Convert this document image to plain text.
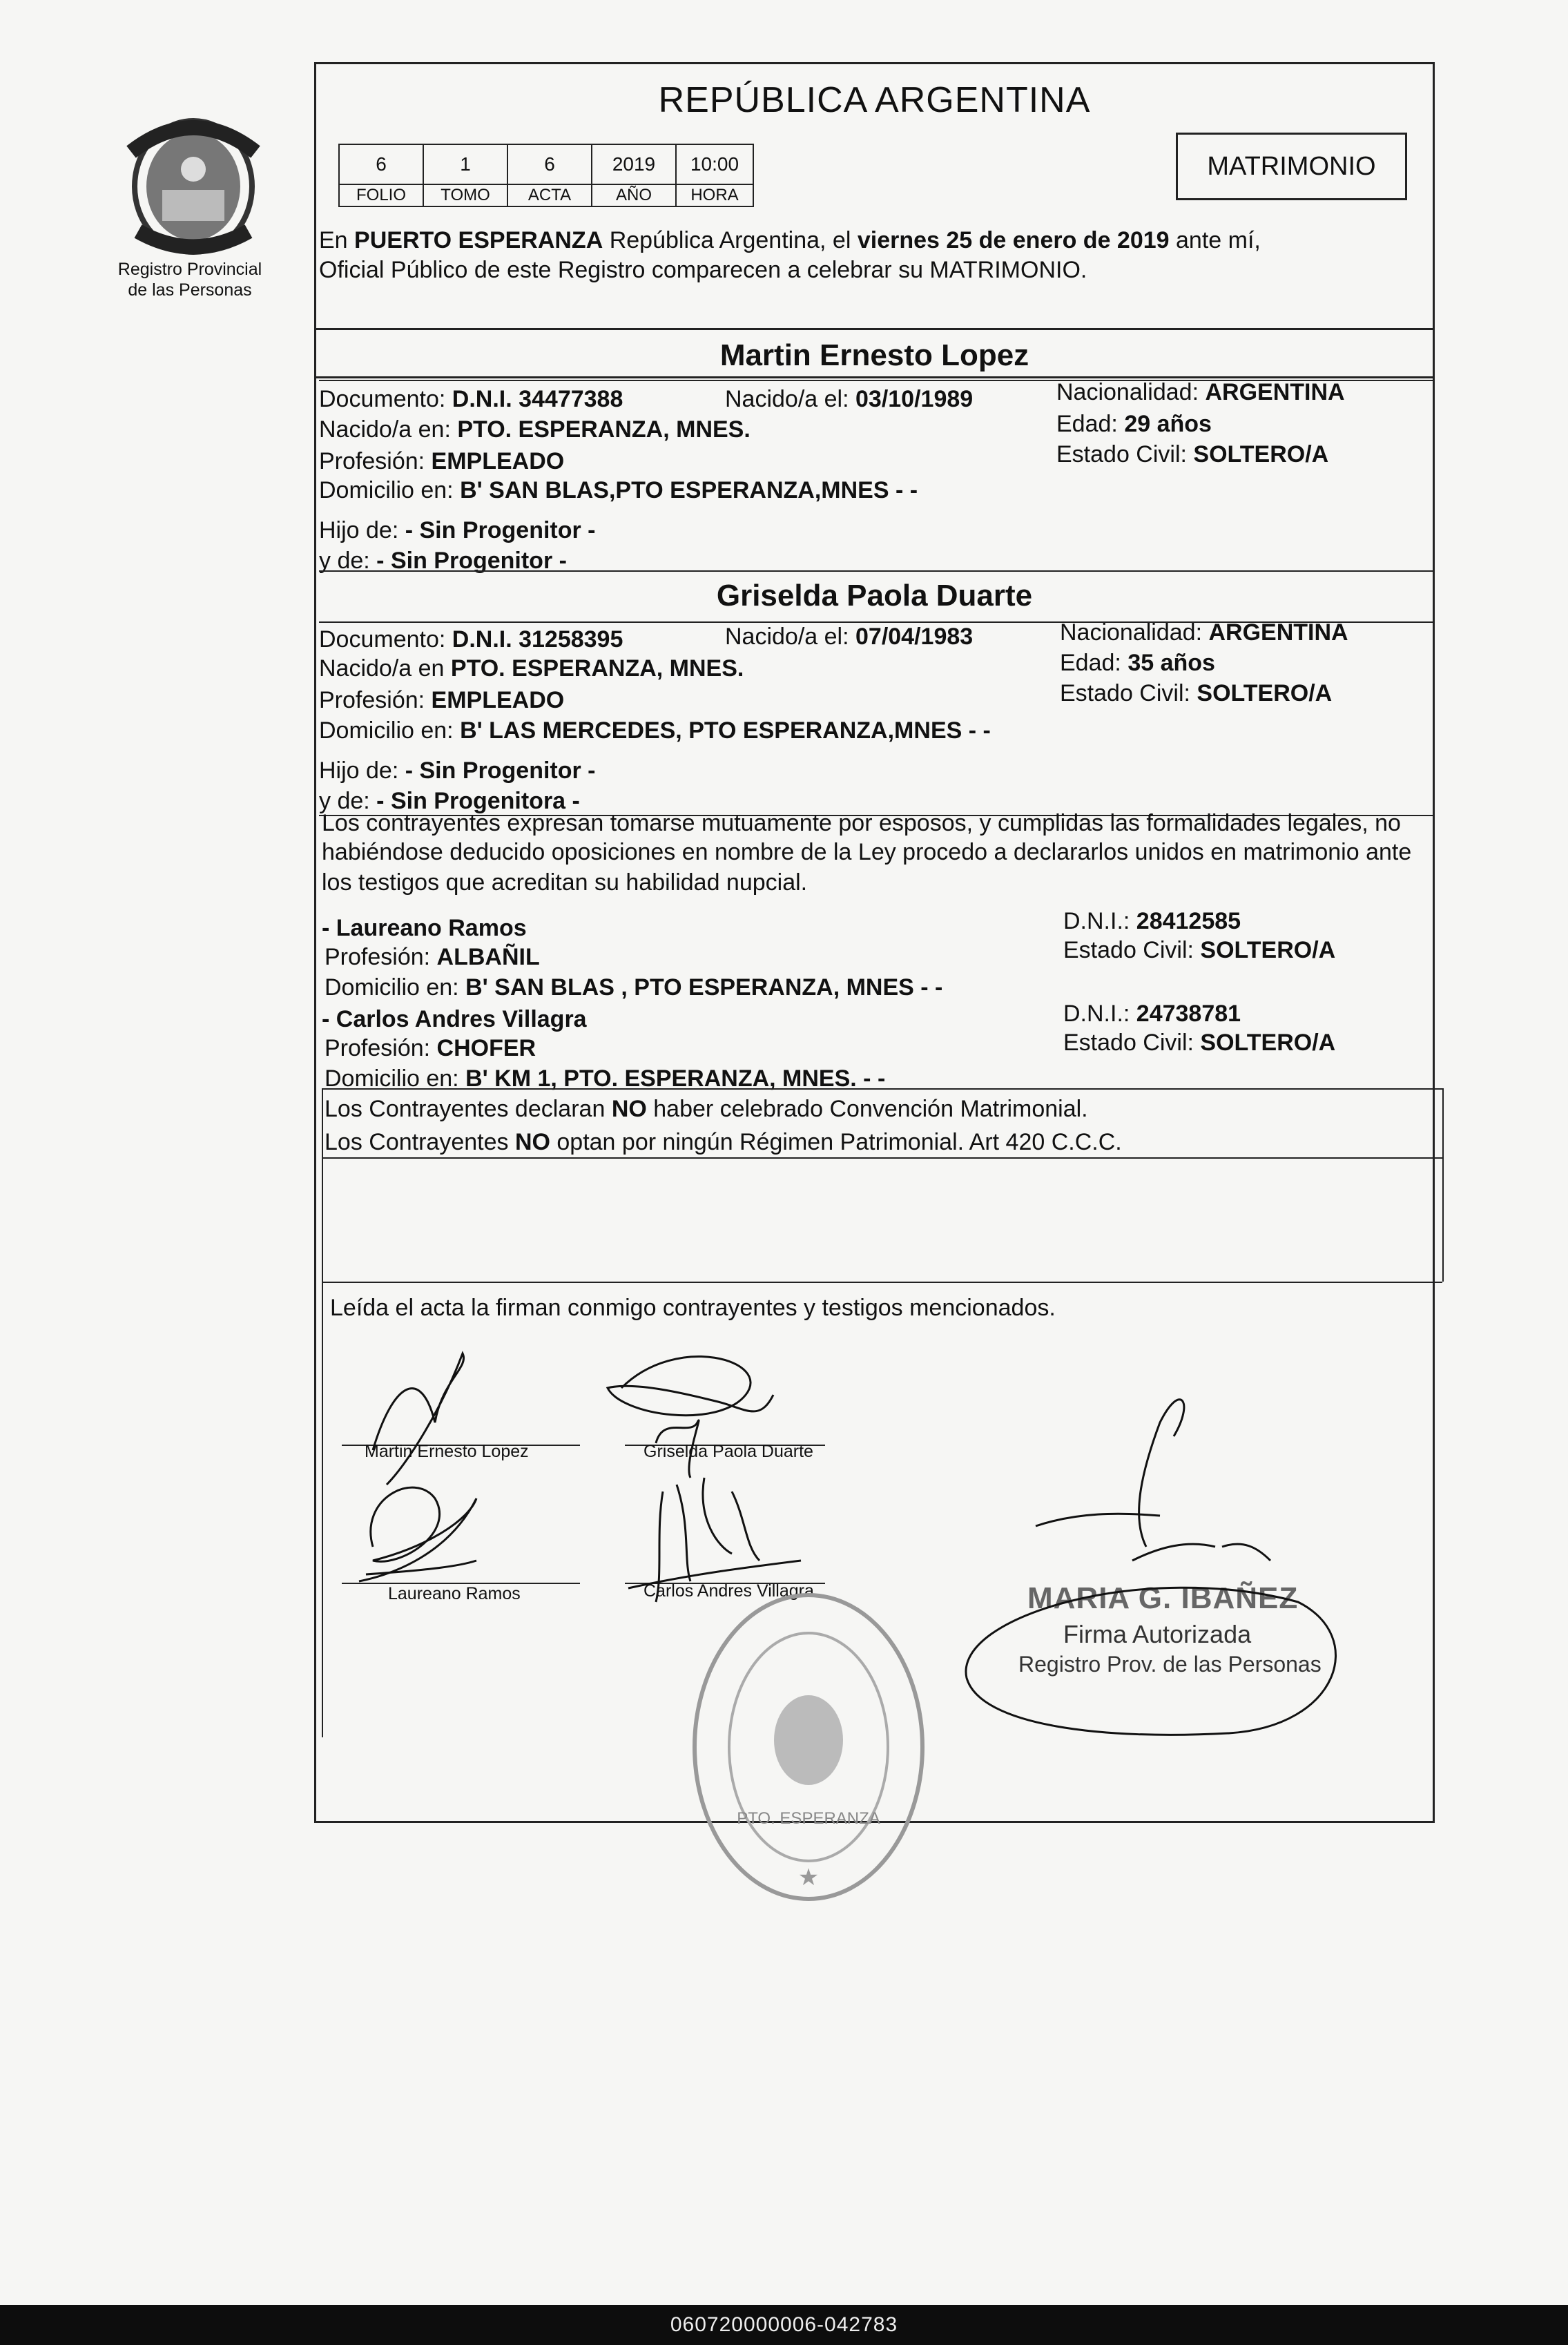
Registro Provincial
de las Personas
REPÚBLICA ARGENTINA
6	1	6	2019	10:00
FOLIO	TOMO	ACTA	AÑO	HORA
MATRIMONIO
En PUERTO ESPERANZA República Argentina, el viernes 25 de enero de 2019 ante mí,
Oficial Público de este Registro comparecen a celebrar su MATRIMONIO.
Martin Ernesto Lopez
Documento: D.N.I. 34477388	Nacido/a el: 03/10/1989	Nacionalidad: ARGENTINA
Nacido/a en: PTO. ESPERANZA, MNES.	Edad: 29 años
Profesión: EMPLEADO	Estado Civil: SOLTERO/A
Domicilio en: B' SAN BLAS,PTO ESPERANZA,MNES - -
Hijo de: - Sin Progenitor -
y de: - Sin Progenitor -
Griselda Paola Duarte
Documento: D.N.I. 31258395	Nacido/a el: 07/04/1983	Nacionalidad: ARGENTINA
Nacido/a en PTO. ESPERANZA, MNES.	Edad: 35 años
Profesión: EMPLEADO	Estado Civil: SOLTERO/A
Domicilio en: B' LAS MERCEDES, PTO ESPERANZA,MNES - -
Hijo de: - Sin Progenitor -
y de: - Sin Progenitora -
Los contrayentes expresan tomarse mutuamente por esposos, y cumplidas las formalidades legales, no
habiéndose deducido oposiciones en nombre de la Ley procedo a declararlos unidos en matrimonio ante
los testigos que acreditan su habilidad nupcial.
- Laureano Ramos	D.N.I.: 28412585
Profesión: ALBAÑIL	Estado Civil: SOLTERO/A
Domicilio en: B' SAN BLAS , PTO ESPERANZA, MNES - -
- Carlos Andres Villagra	D.N.I.: 24738781
Profesión: CHOFER	Estado Civil: SOLTERO/A
Domicilio en: B' KM 1, PTO. ESPERANZA, MNES. - -
Los Contrayentes declaran NO haber celebrado Convención Matrimonial.
Los Contrayentes NO optan por ningún Régimen Patrimonial. Art 420 C.C.C.
Leída el acta la firman conmigo contrayentes y testigos mencionados.
Martin Ernesto Lopez	Griselda Paola Duarte
Laureano Ramos	Carlos Andres Villagra	MARIA G. IBAÑEZ
Firma Autorizada
Registro Prov. de las Personas
★
PTO. ESPERANZA
060720000006-042783
